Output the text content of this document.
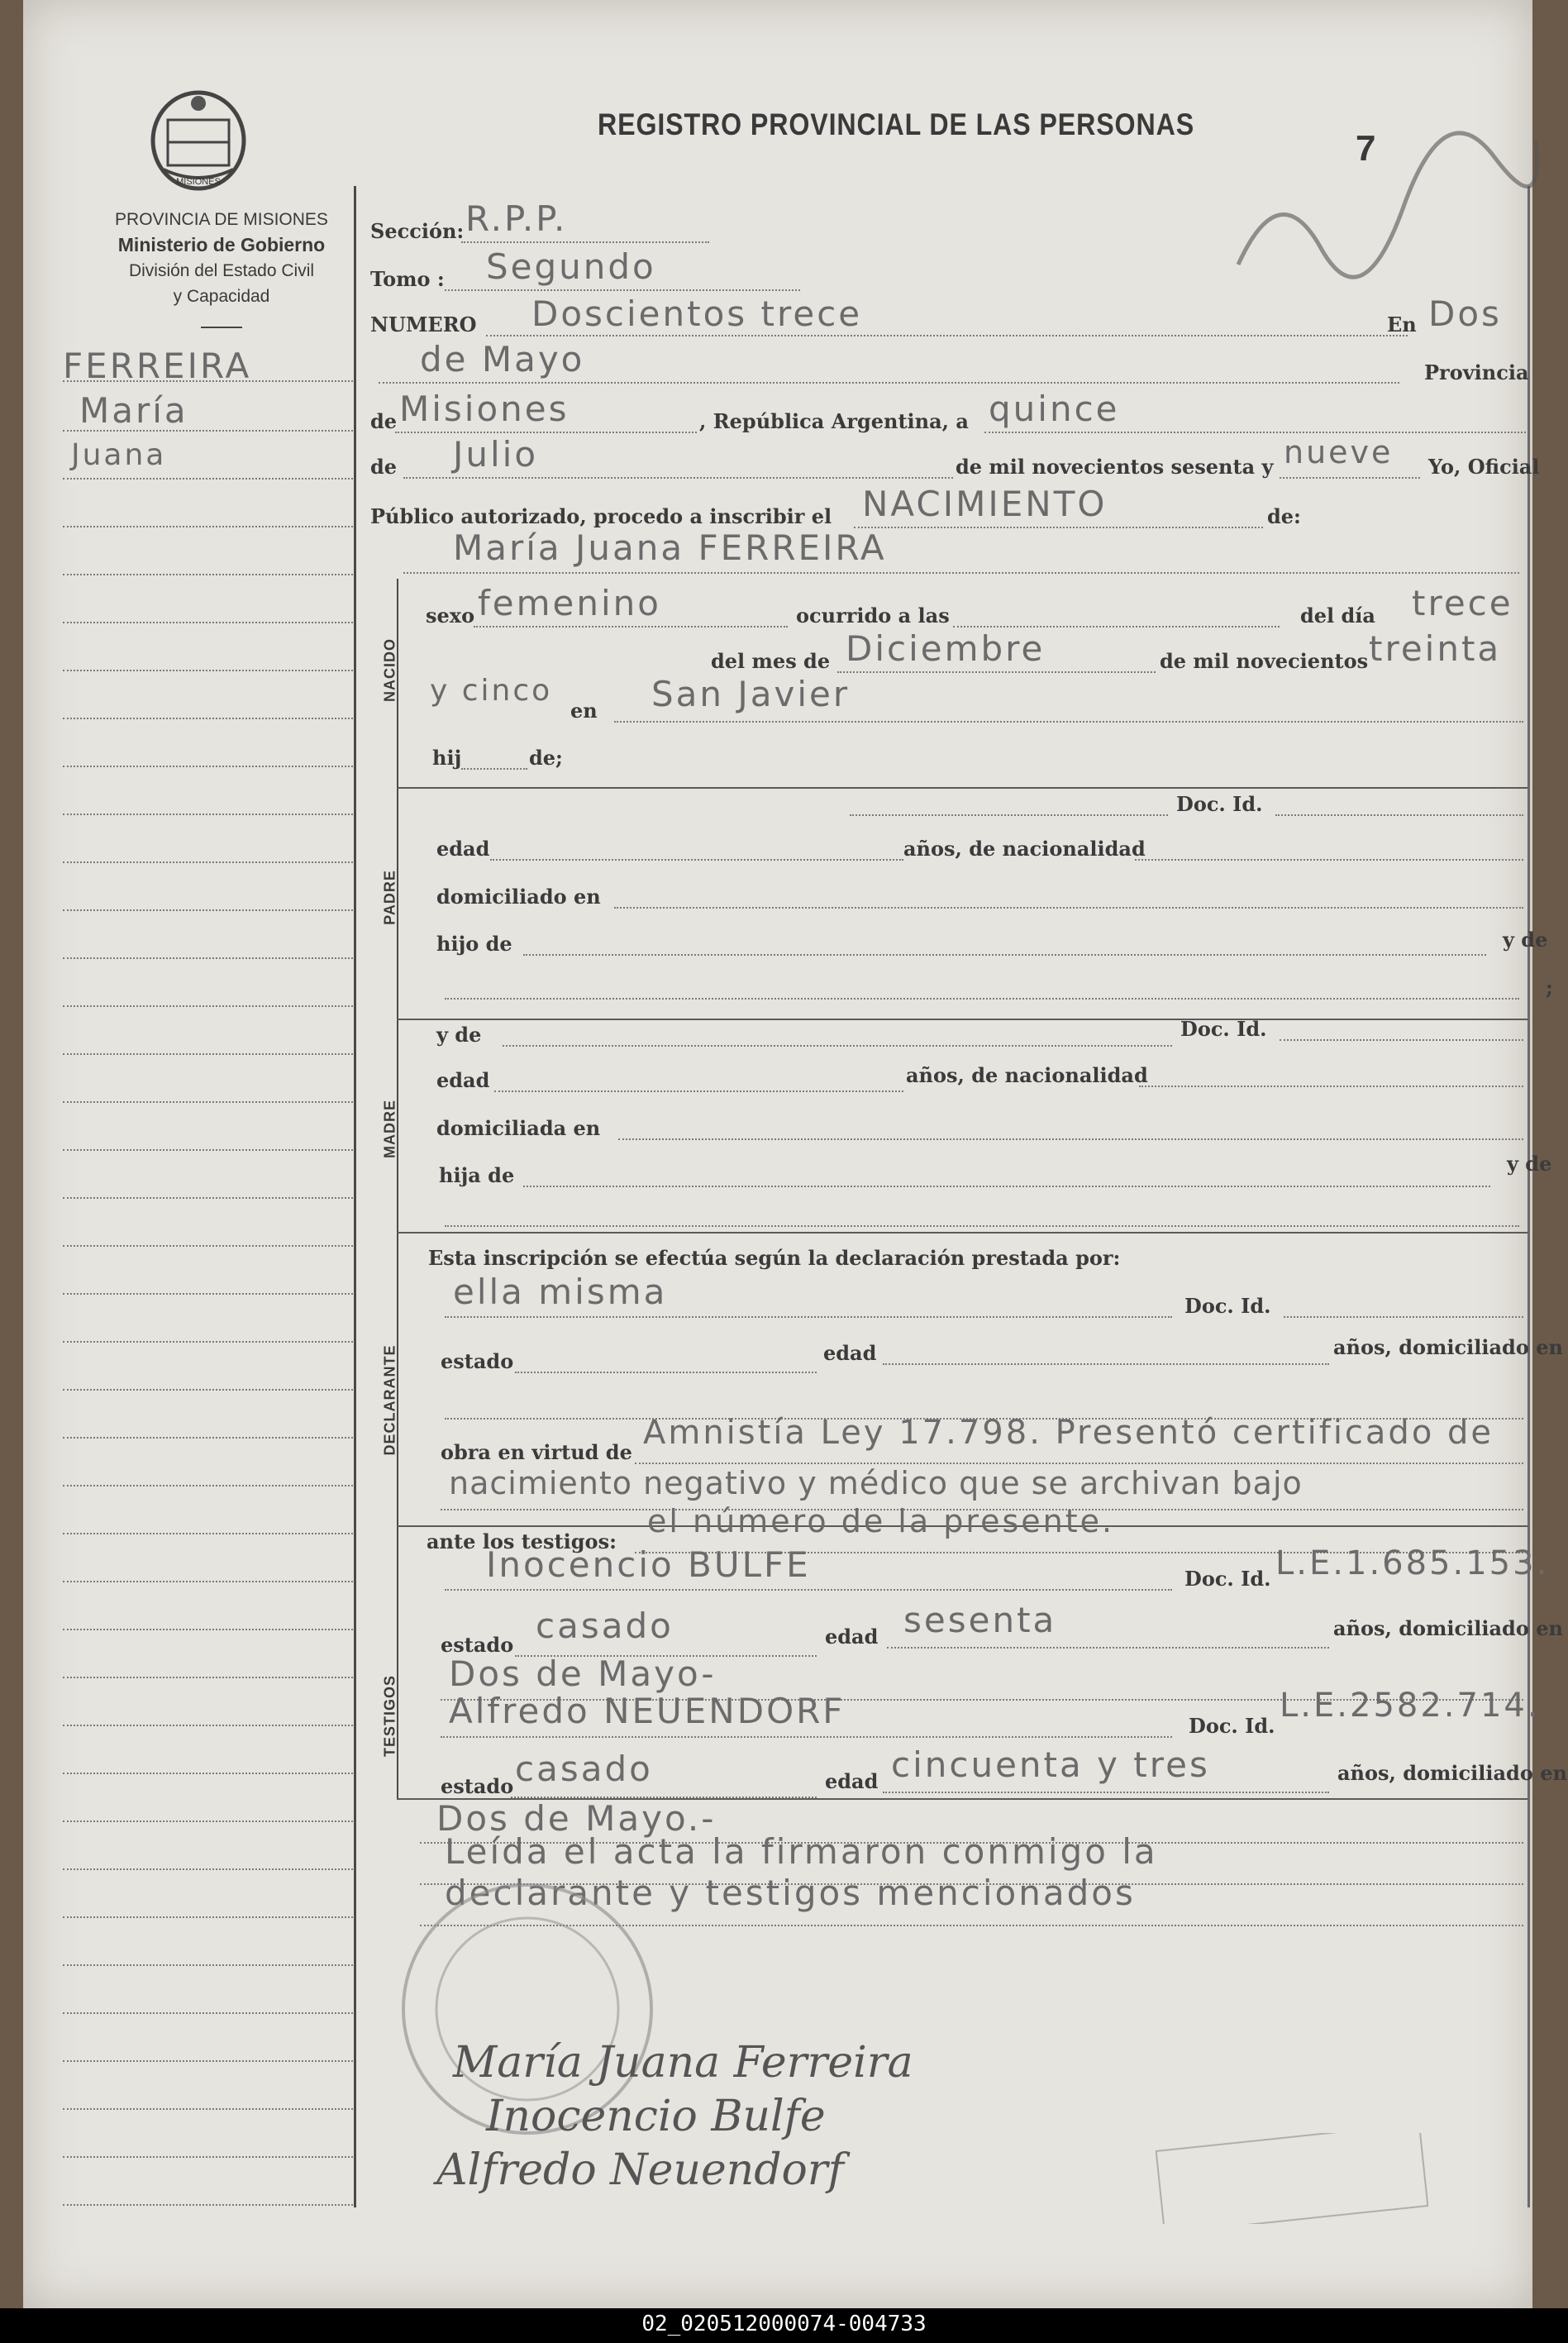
MISIONES
PROVINCIA DE MISIONES
Ministerio de Gobierno
División del Estado Civil
y Capacidad
REGISTRO PROVINCIAL DE LAS PERSONAS
7
FERREIRA
María
Juana
NACIDO
PADRE
MADRE
DECLARANTE
TESTIGOS
Sección: R.P.P.
Tomo : Segundo
NUMERO Doscientos trece	En Dos
de Mayo	Provincia
de Misiones	, República Argentina, a quince
de Julio	de mil novecientos sesenta y nueve Yo, Oficial
Público autorizado, procedo a inscribir el NACIMIENTO	de:
María Juana FERREIRA
sexo femenino	ocurrido a las	del día trece
del mes de Diciembre	de mil novecientos treinta
y cinco
en San Javier
hij	de;
Doc. Id.
edad	años, de nacionalidad
domiciliado en
hijo de	y de
;
y de	Doc. Id.
edad	años, de nacionalidad
domiciliada en
hija de	y de
Esta inscripción se efectúa según la declaración prestada por:
ella misma	Doc. Id.
estado	edad	años, domiciliado en
obra en virtud de
Amnistía Ley 17.798. Presentó certificado de
nacimiento negativo y médico que se archivan bajo
ante los testigos:
el número de la presente.
Inocencio BULFE	Doc. Id. L.E.1.685.153.
estado casado	edad sesenta	años, domiciliado en
Dos de Mayo-
Alfredo NEUENDORF	Doc. Id.
L.E.2582.714.
estado casado	edad cincuenta y tres	años, domiciliado en
Dos de Mayo.-
Leída el acta la firmaron conmigo la
declarante y testigos mencionados
María Juana Ferreira
Inocencio Bulfe
Alfredo Neuendorf
02_020512000074-004733
